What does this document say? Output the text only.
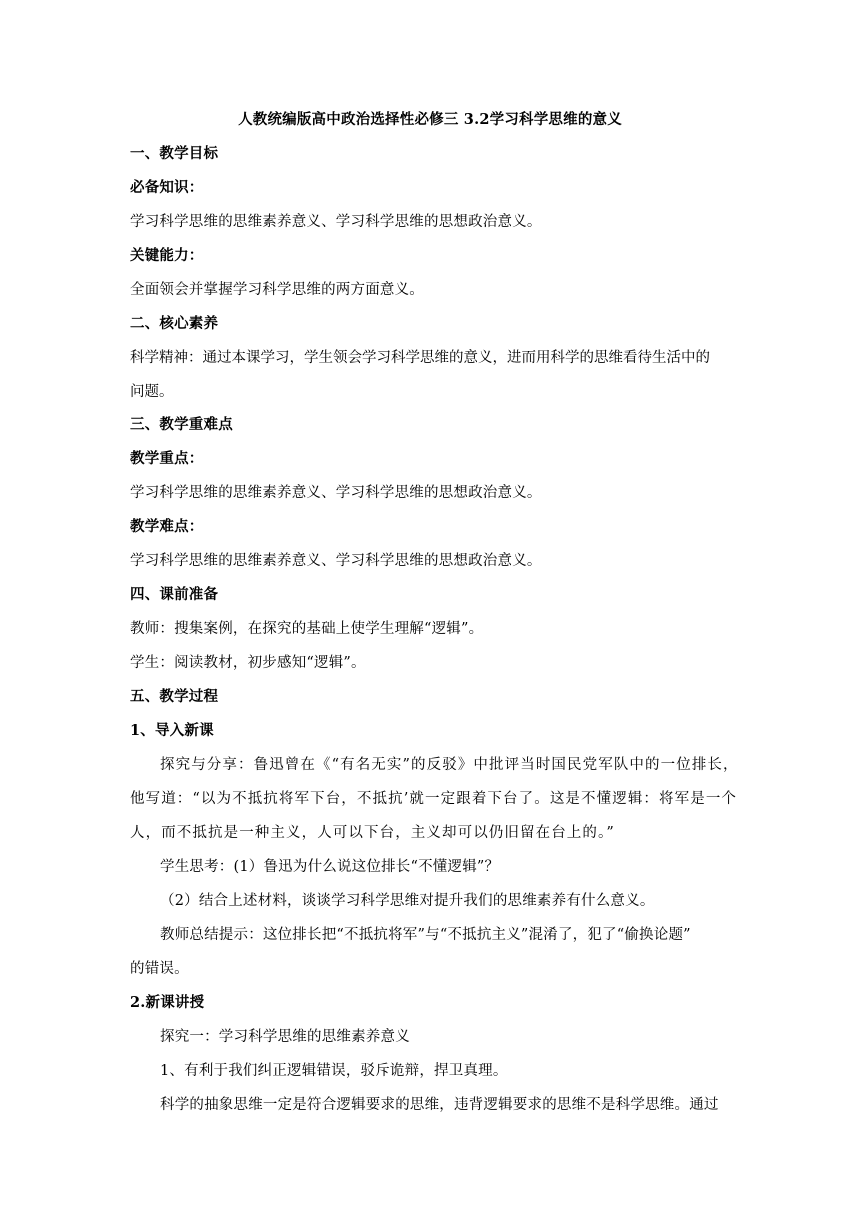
人教统编版高中政治选择性必修三 3.2学习科学思维的意义
一、教学目标
必备知识：
学习科学思维的思维素养意义、学习科学思维的思想政治意义。
关键能力：
全面领会并掌握学习科学思维的两方面意义。
二、核心素养
科学精神：通过本课学习，学生领会学习科学思维的意义，进而用科学的思维看待生活中的
问题。
三、教学重难点
教学重点：
学习科学思维的思维素养意义、学习科学思维的思想政治意义。
教学难点：
学习科学思维的思维素养意义、学习科学思维的思想政治意义。
四、课前准备
教师：搜集案例，在探究的基础上使学生理解“逻辑”。
学生：阅读教材，初步感知“逻辑”。
五、教学过程
1、导入新课
探究与分享：鲁迅曾在《“有名无实”的反驳》中批评当时国民党军队中的一位排长，
他写道：“以为不抵抗将军下台，不抵抗’就一定跟着下台了。这是不懂逻辑：将军是一个
人，而不抵抗是一种主义，人可以下台，主义却可以仍旧留在台上的。”
学生思考：(1）鲁迅为什么说这位排长“不懂逻辑”？
（2）结合上述材料，谈谈学习科学思维对提升我们的思维素养有什么意义。
教师总结提示：这位排长把“不抵抗将军”与“不抵抗主义”混淆了，犯了“偷换论题”
的错误。
2.新课讲授
探究一：学习科学思维的思维素养意义
1、有利于我们纠正逻辑错误，驳斥诡辩，捍卫真理。
科学的抽象思维一定是符合逻辑要求的思维，违背逻辑要求的思维不是科学思维。通过
